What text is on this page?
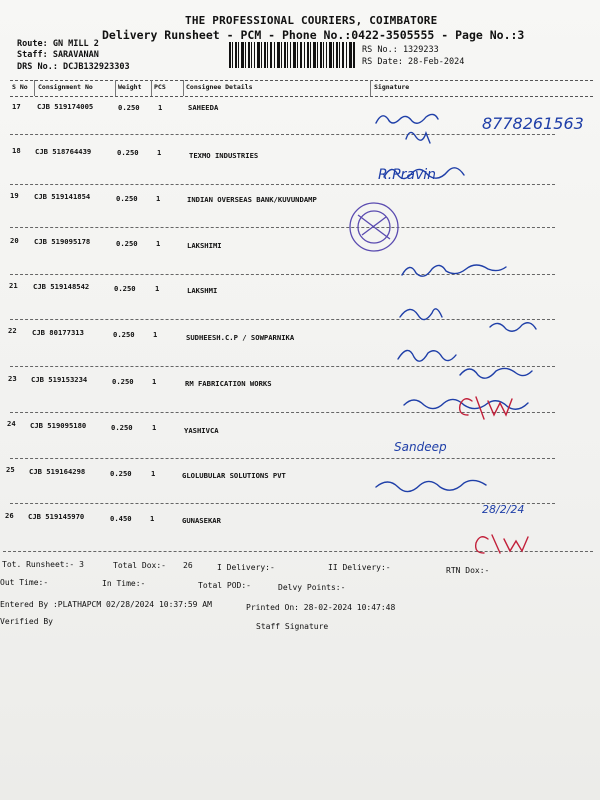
THE PROFESSIONAL COURIERS, COIMBATORE
Delivery Runsheet - PCM - Phone No.:0422-3505555 - Page No.:3
Route: GN MILL 2
Staff: SARAVANAN
DRS No.: DCJB132923303
RS No.: 1329233
RS Date: 28-Feb-2024
S No Consignment No	Weight PCS	Consignee Details	Signature
17 CJB 519174005	0.250	1	SAHEEDA
18 CJB 518764439	0.250	1	TEXMO INDUSTRIES
19 CJB 519141854	0.250	1	INDIAN OVERSEAS BANK/KUVUNDAMP
20 CJB 519095178	0.250	1	LAKSHIMI
21 CJB 519148542	0.250	1	LAKSHMI
22 CJB 80177313	0.250	1	SUDHEESH.C.P / SOWPARNIKA
23 CJB 519153234	0.250	1	RM FABRICATION WORKS
24 CJB 519095180	0.250	1	YASHIVCA
25 CJB 519164298	0.250	1	GLOLUBULAR SOLUTIONS PVT
26 CJB 519145970	0.450	1	GUNASEKAR
8778261563
R.Pravin
Sandeep
28/2/24
Tot. Runsheet:- 3	Total Dox:- 26	I Delivery:-	II Delivery:-	RTN Dox:-
Out Time:-	In Time:-	Total POD:-	Delvy Points:-
Entered By :PLATHAPCM 02/28/2024 10:37:59 AM	Printed On: 28-02-2024 10:47:48
Verified By
Staff Signature
